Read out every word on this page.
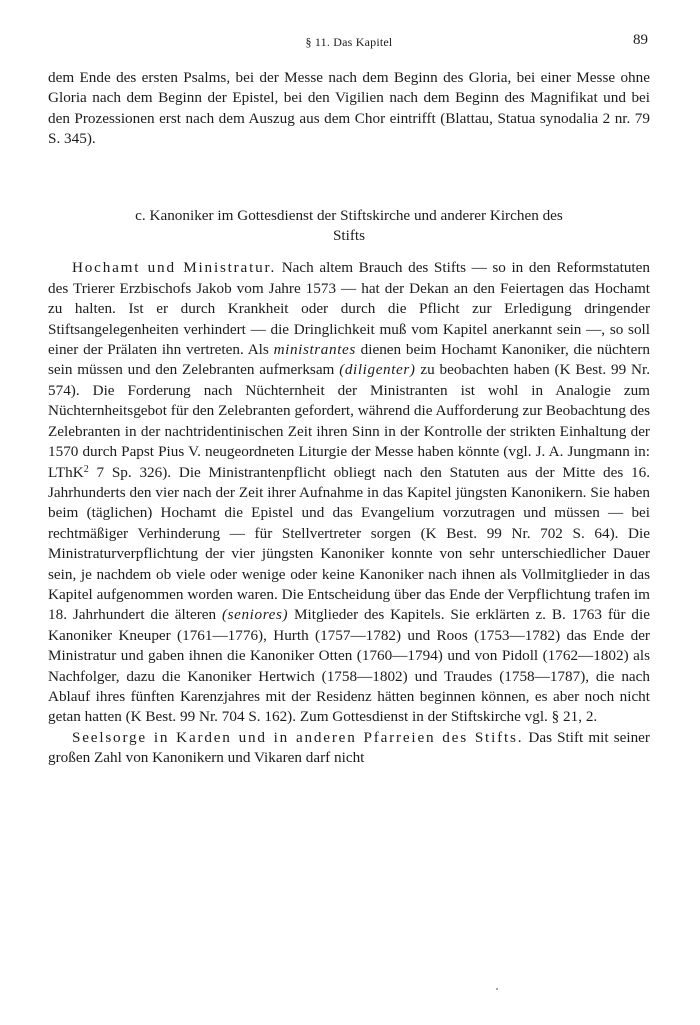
§ 11. Das Kapitel	89

dem Ende des ersten Psalms, bei der Messe nach dem Beginn des Gloria, bei einer Messe ohne Gloria nach dem Beginn der Epistel, bei den Vigilien nach dem Beginn des Magnifikat und bei den Prozessionen erst nach dem Auszug aus dem Chor eintrifft (Blattau, Statua synodalia 2 nr. 79 S. 345).

c. Kanoniker im Gottesdienst der Stiftskirche und anderer Kirchen des
Stifts

Hochamt und Ministratur. Nach altem Brauch des Stifts — so in den Reformstatuten des Trierer Erzbischofs Jakob vom Jahre 1573 — hat der Dekan an den Feiertagen das Hochamt zu halten. Ist er durch Krankheit oder durch die Pflicht zur Erledigung dringender Stiftsangelegenheiten verhindert — die Dringlichkeit muß vom Kapitel anerkannt sein —, so soll einer der Prälaten ihn vertreten. Als ministrantes dienen beim Hochamt Kanoniker, die nüchtern sein müssen und den Zelebranten aufmerksam (diligenter) zu beobachten haben (K Best. 99 Nr. 574). Die Forderung nach Nüchternheit der Ministranten ist wohl in Analogie zum Nüchternheitsgebot für den Zelebranten gefordert, während die Aufforderung zur Beobachtung des Zelebranten in der nachtridentinischen Zeit ihren Sinn in der Kontrolle der strikten Einhaltung der 1570 durch Papst Pius V. neugeordneten Liturgie der Messe haben könnte (vgl. J. A. Jungmann in: LThK$^2$ 7 Sp. 326). Die Ministrantenpflicht obliegt nach den Statuten aus der Mitte des 16. Jahrhunderts den vier nach der Zeit ihrer Aufnahme in das Kapitel jüngsten Kanonikern. Sie haben beim (täglichen) Hochamt die Epistel und das Evangelium vorzutragen und müssen — bei rechtmäßiger Verhinderung — für Stellvertreter sorgen (K Best. 99 Nr. 702 S. 64). Die Ministraturverpflichtung der vier jüngsten Kanoniker konnte von sehr unterschiedlicher Dauer sein, je nachdem ob viele oder wenige oder keine Kanoniker nach ihnen als Vollmitglieder in das Kapitel aufgenommen worden waren. Die Entscheidung über das Ende der Verpflichtung trafen im 18. Jahrhundert die älteren (seniores) Mitglieder des Kapitels. Sie erklärten z. B. 1763 für die Kanoniker Kneuper (1761—1776), Hurth (1757—1782) und Roos (1753—1782) das Ende der Ministratur und gaben ihnen die Kanoniker Otten (1760—1794) und von Pidoll (1762—1802) als Nachfolger, dazu die Kanoniker Hertwich (1758—1802) und Traudes (1758—1787), die nach Ablauf ihres fünften Karenzjahres mit der Residenz hätten beginnen können, es aber noch nicht getan hatten (K Best. 99 Nr. 704 S. 162). Zum Gottesdienst in der Stiftskirche vgl. § 21, 2.

Seelsorge in Karden und in anderen Pfarreien des Stifts. Das Stift mit seiner großen Zahl von Kanonikern und Vikaren darf nicht
